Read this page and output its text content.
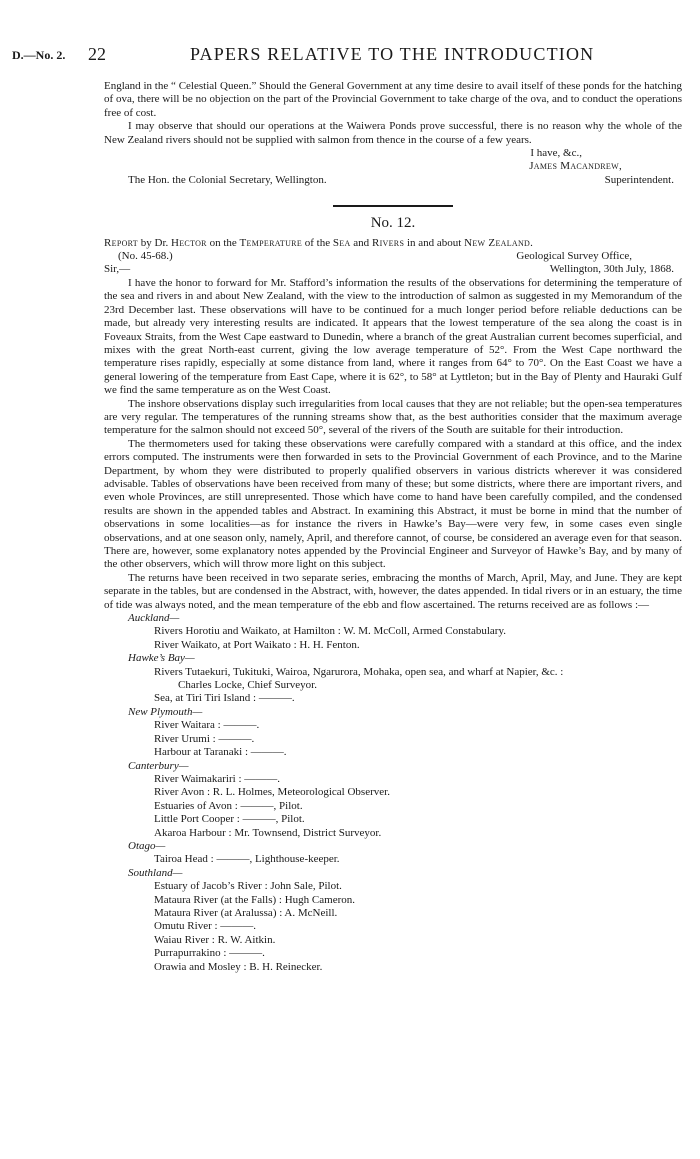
D.—No. 2. 22	PAPERS RELATIVE TO THE INTRODUCTION

England in the “ Celestial Queen.” Should the General Government at any time desire to avail itself of these ponds for the hatching of ova, there will be no objection on the part of the Provincial Government to take charge of the ova, and to conduct the operations free of cost.

I may observe that should our operations at the Waiwera Ponds prove successful, there is no reason why the whole of the New Zealand rivers should not be supplied with salmon from thence in the course of a few years.

I have, &c.,
James Macandrew,
The Hon. the Colonial Secretary, Wellington.	Superintendent.
No. 12.

Report by Dr. Hector on the Temperature of the Sea and Rivers in and about New Zealand.

(No. 45-68.)	Geological Survey Office,
Sir,—	Wellington, 30th July, 1868.

I have the honor to forward for Mr. Stafford’s information the results of the observations for determining the temperature of the sea and rivers in and about New Zealand, with the view to the introduction of salmon as suggested in my Memorandum of the 23rd December last. These observations will have to be continued for a much longer period before reliable deductions can be made, but already very interesting results are indicated. It appears that the lowest temperature of the sea along the coast is in Foveaux Straits, from the West Cape eastward to Dunedin, where a branch of the great Australian current becomes superficial, and mixes with the great North-east current, giving the low average temperature of 52°. From the West Cape northward the temperature rises rapidly, especially at some distance from land, where it ranges from 64° to 70°. On the East Coast we have a general lowering of the temperature from East Cape, where it is 62°, to 58° at Lyttleton; but in the Bay of Plenty and Hauraki Gulf we find the same temperature as on the West Coast.

The inshore observations display such irregularities from local causes that they are not reliable; but the open-sea temperatures are very regular. The temperatures of the running streams show that, as the best authorities consider that the maximum average temperature for the salmon should not exceed 50°, several of the rivers of the South are suitable for their introduction.

The thermometers used for taking these observations were carefully compared with a standard at this office, and the index errors computed. The instruments were then forwarded in sets to the Provincial Government of each Province, and to the Marine Department, by whom they were distributed to properly qualified observers in various districts wherever it was considered advisable. Tables of observations have been received from many of these; but some districts, where there are important rivers, and even whole Provinces, are still unrepresented. Those which have come to hand have been carefully compiled, and the condensed results are shown in the appended tables and Abstract. In examining this Abstract, it must be borne in mind that the number of observations in some localities—as for instance the rivers in Hawke’s Bay—were very few, in some cases even single observations, and at one season only, namely, April, and therefore cannot, of course, be considered an average even for that season. There are, however, some explanatory notes appended by the Provincial Engineer and Surveyor of Hawke’s Bay, and by many of the other observers, which will throw more light on this subject.

The returns have been received in two separate series, embracing the months of March, April, May, and June. They are kept separate in the tables, but are condensed in the Abstract, with, however, the dates appended. In tidal rivers or in an estuary, the time of tide was always noted, and the mean temperature of the ebb and flow ascertained. The returns received are as follows :—

Auckland—

Rivers Horotiu and Waikato, at Hamilton : W. M. McColl, Armed Constabulary.

River Waikato, at Port Waikato : H. H. Fenton.

Hawke’s Bay—

Rivers Tutaekuri, Tukituki, Wairoa, Ngarurora, Mohaka, open sea, and wharf at Napier, &c. :

Charles Locke, Chief Surveyor.

Sea, at Tiri Tiri Island : ———.

New Plymouth—

River Waitara : ———.

River Urumi : ———.

Harbour at Taranaki : ———.

Canterbury—

River Waimakariri : ———.

River Avon : R. L. Holmes, Meteorological Observer.

Estuaries of Avon : ———, Pilot.

Little Port Cooper : ———, Pilot.

Akaroa Harbour : Mr. Townsend, District Surveyor.

Otago—

Tairoa Head : ———, Lighthouse-keeper.

Southland—

Estuary of Jacob’s River : John Sale, Pilot.

Mataura River (at the Falls) : Hugh Cameron.

Mataura River (at Aralussa) : A. McNeill.

Omutu River : ———.

Waiau River : R. W. Aitkin.

Purrapurrakino : ———.

Orawia and Mosley : B. H. Reinecker.
